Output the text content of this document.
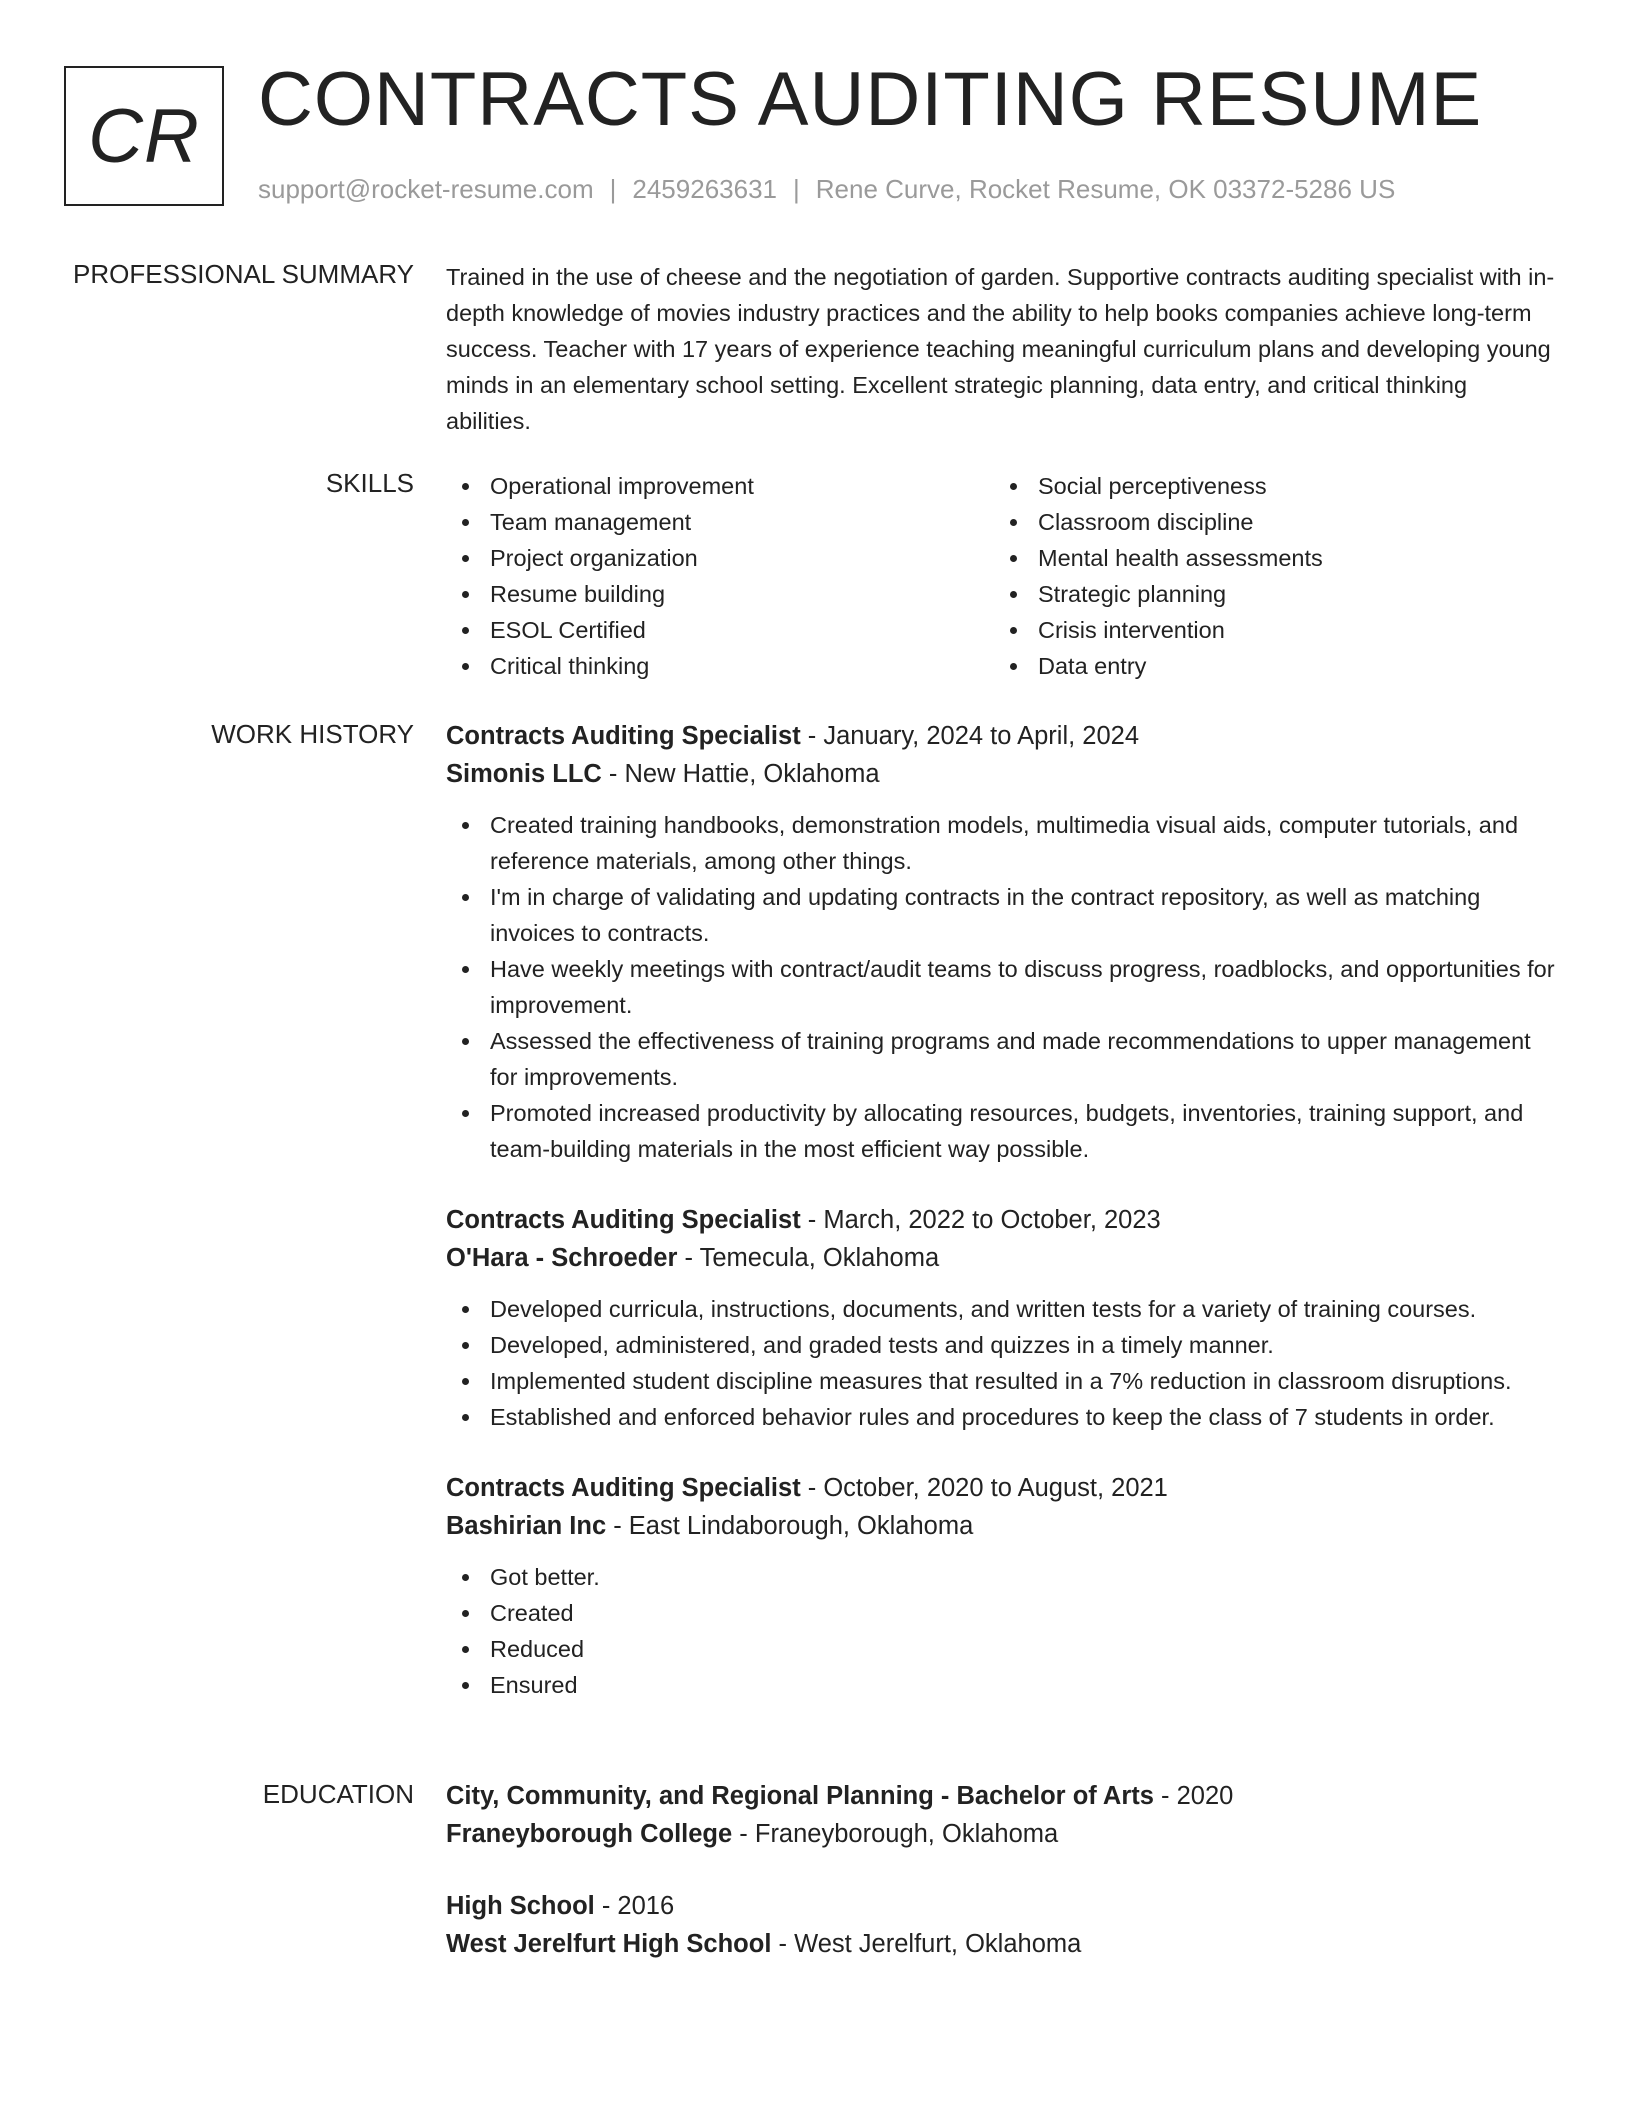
CR CONTRACTS AUDITING RESUME
support@rocket-resume.com | 2459263631 | Rene Curve, Rocket Resume, OK 03372-5286 US
PROFESSIONAL SUMMARY Trained in the use of cheese and the negotiation of garden. Supportive contracts auditing specialist with in-depth knowledge of movies industry practices and the ability to help books companies achieve long-term success. Teacher with 17 years of experience teaching meaningful curriculum plans and developing young minds in an elementary school setting. Excellent strategic planning, data entry, and critical thinking abilities.

SKILLS	Operational improvement
Team management
Project organization
Resume building
ESOL Certified
Critical thinking
Social perceptiveness
Classroom discipline
Mental health assessments
Strategic planning
Crisis intervention
Data entry
WORK HISTORY Contracts Auditing Specialist - January, 2024 to April, 2024
Simonis LLC - New Hattie, Oklahoma
Created training handbooks, demonstration models, multimedia visual aids, computer tutorials, and reference materials, among other things.
I'm in charge of validating and updating contracts in the contract repository, as well as matching invoices to contracts.
Have weekly meetings with contract/audit teams to discuss progress, roadblocks, and opportunities for improvement.
Assessed the effectiveness of training programs and made recommendations to upper management for improvements.
Promoted increased productivity by allocating resources, budgets, inventories, training support, and team-building materials in the most efficient way possible.
Contracts Auditing Specialist - March, 2022 to October, 2023
O'Hara - Schroeder - Temecula, Oklahoma
Developed curricula, instructions, documents, and written tests for a variety of training courses.
Developed, administered, and graded tests and quizzes in a timely manner.
Implemented student discipline measures that resulted in a 7% reduction in classroom disruptions.
Established and enforced behavior rules and procedures to keep the class of 7 students in order.
Contracts Auditing Specialist - October, 2020 to August, 2021
Bashirian Inc - East Lindaborough, Oklahoma
Got better.
Created
Reduced
Ensured
EDUCATION City, Community, and Regional Planning - Bachelor of Arts - 2020
Franeyborough College - Franeyborough, Oklahoma
High School - 2016
West Jerelfurt High School - West Jerelfurt, Oklahoma
